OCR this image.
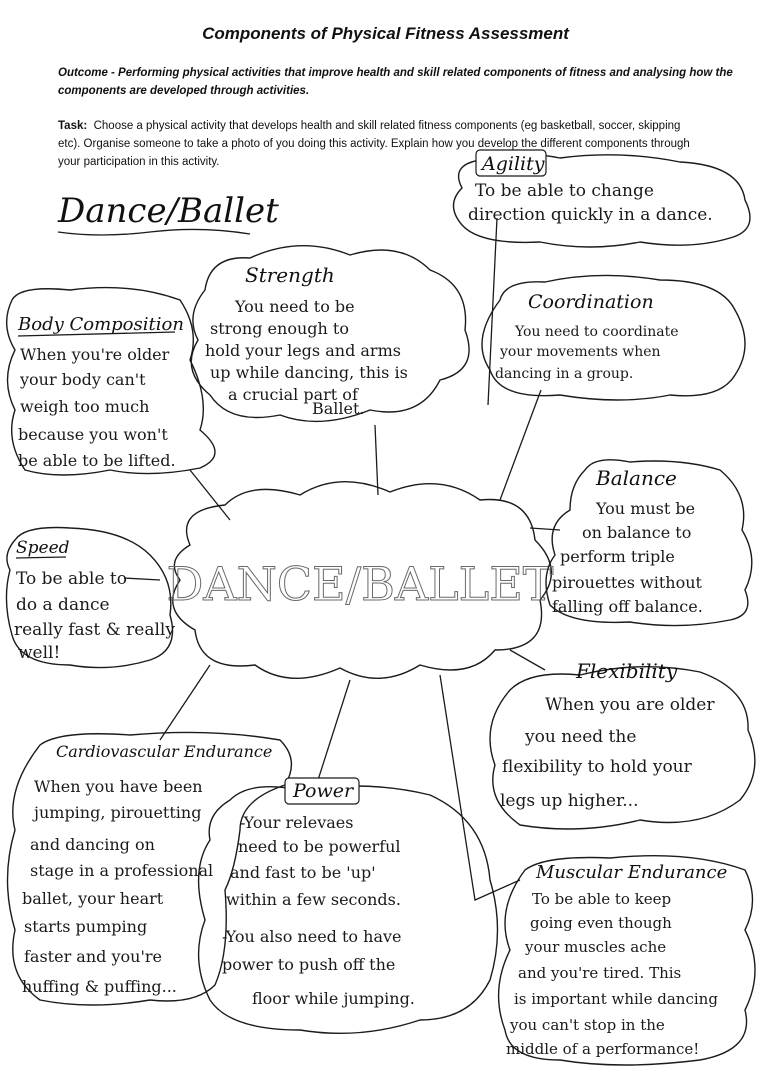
Components of Physical Fitness Assessment
Outcome - Performing physical activities that improve health and skill related components of fitness and analysing how the components are developed through activities.
Task: Choose a physical activity that develops health and skill related fitness components (eg basketball, soccer, skipping etc). Organise someone to take a photo of you doing this activity. Explain how you develop the different components through your participation in this activity.
Dance/Ballet
DANCE/BALLET
Agility
To be able to change direction quickly in a dance.
Strength
You need to be strong enough to hold your legs and arms up while dancing, this is a crucial part of Ballet.
Coordination
You need to coordinate your movements when dancing in a group.
Body Composition
When you're older your body can't weigh too much because you won't be able to be lifted.
Balance
You must be on balance to perform triple pirouettes without falling off balance.
Speed
To be able to do a dance really fast & really well!
Flexibility
When you are older you need the flexibility to hold your legs up higher...
Cardiovascular Endurance
When you have been jumping, pirouetting and dancing on stage in a professional ballet, your heart starts pumping faster and you're huffing & puffing...
Power
-Your relevaes need to be powerful and fast to be 'up' within a few seconds. -You also need to have power to push off the floor while jumping.
Muscular Endurance
To be able to keep going even though your muscles ache and you're tired. This is important while dancing you can't stop in the middle of a performance!
